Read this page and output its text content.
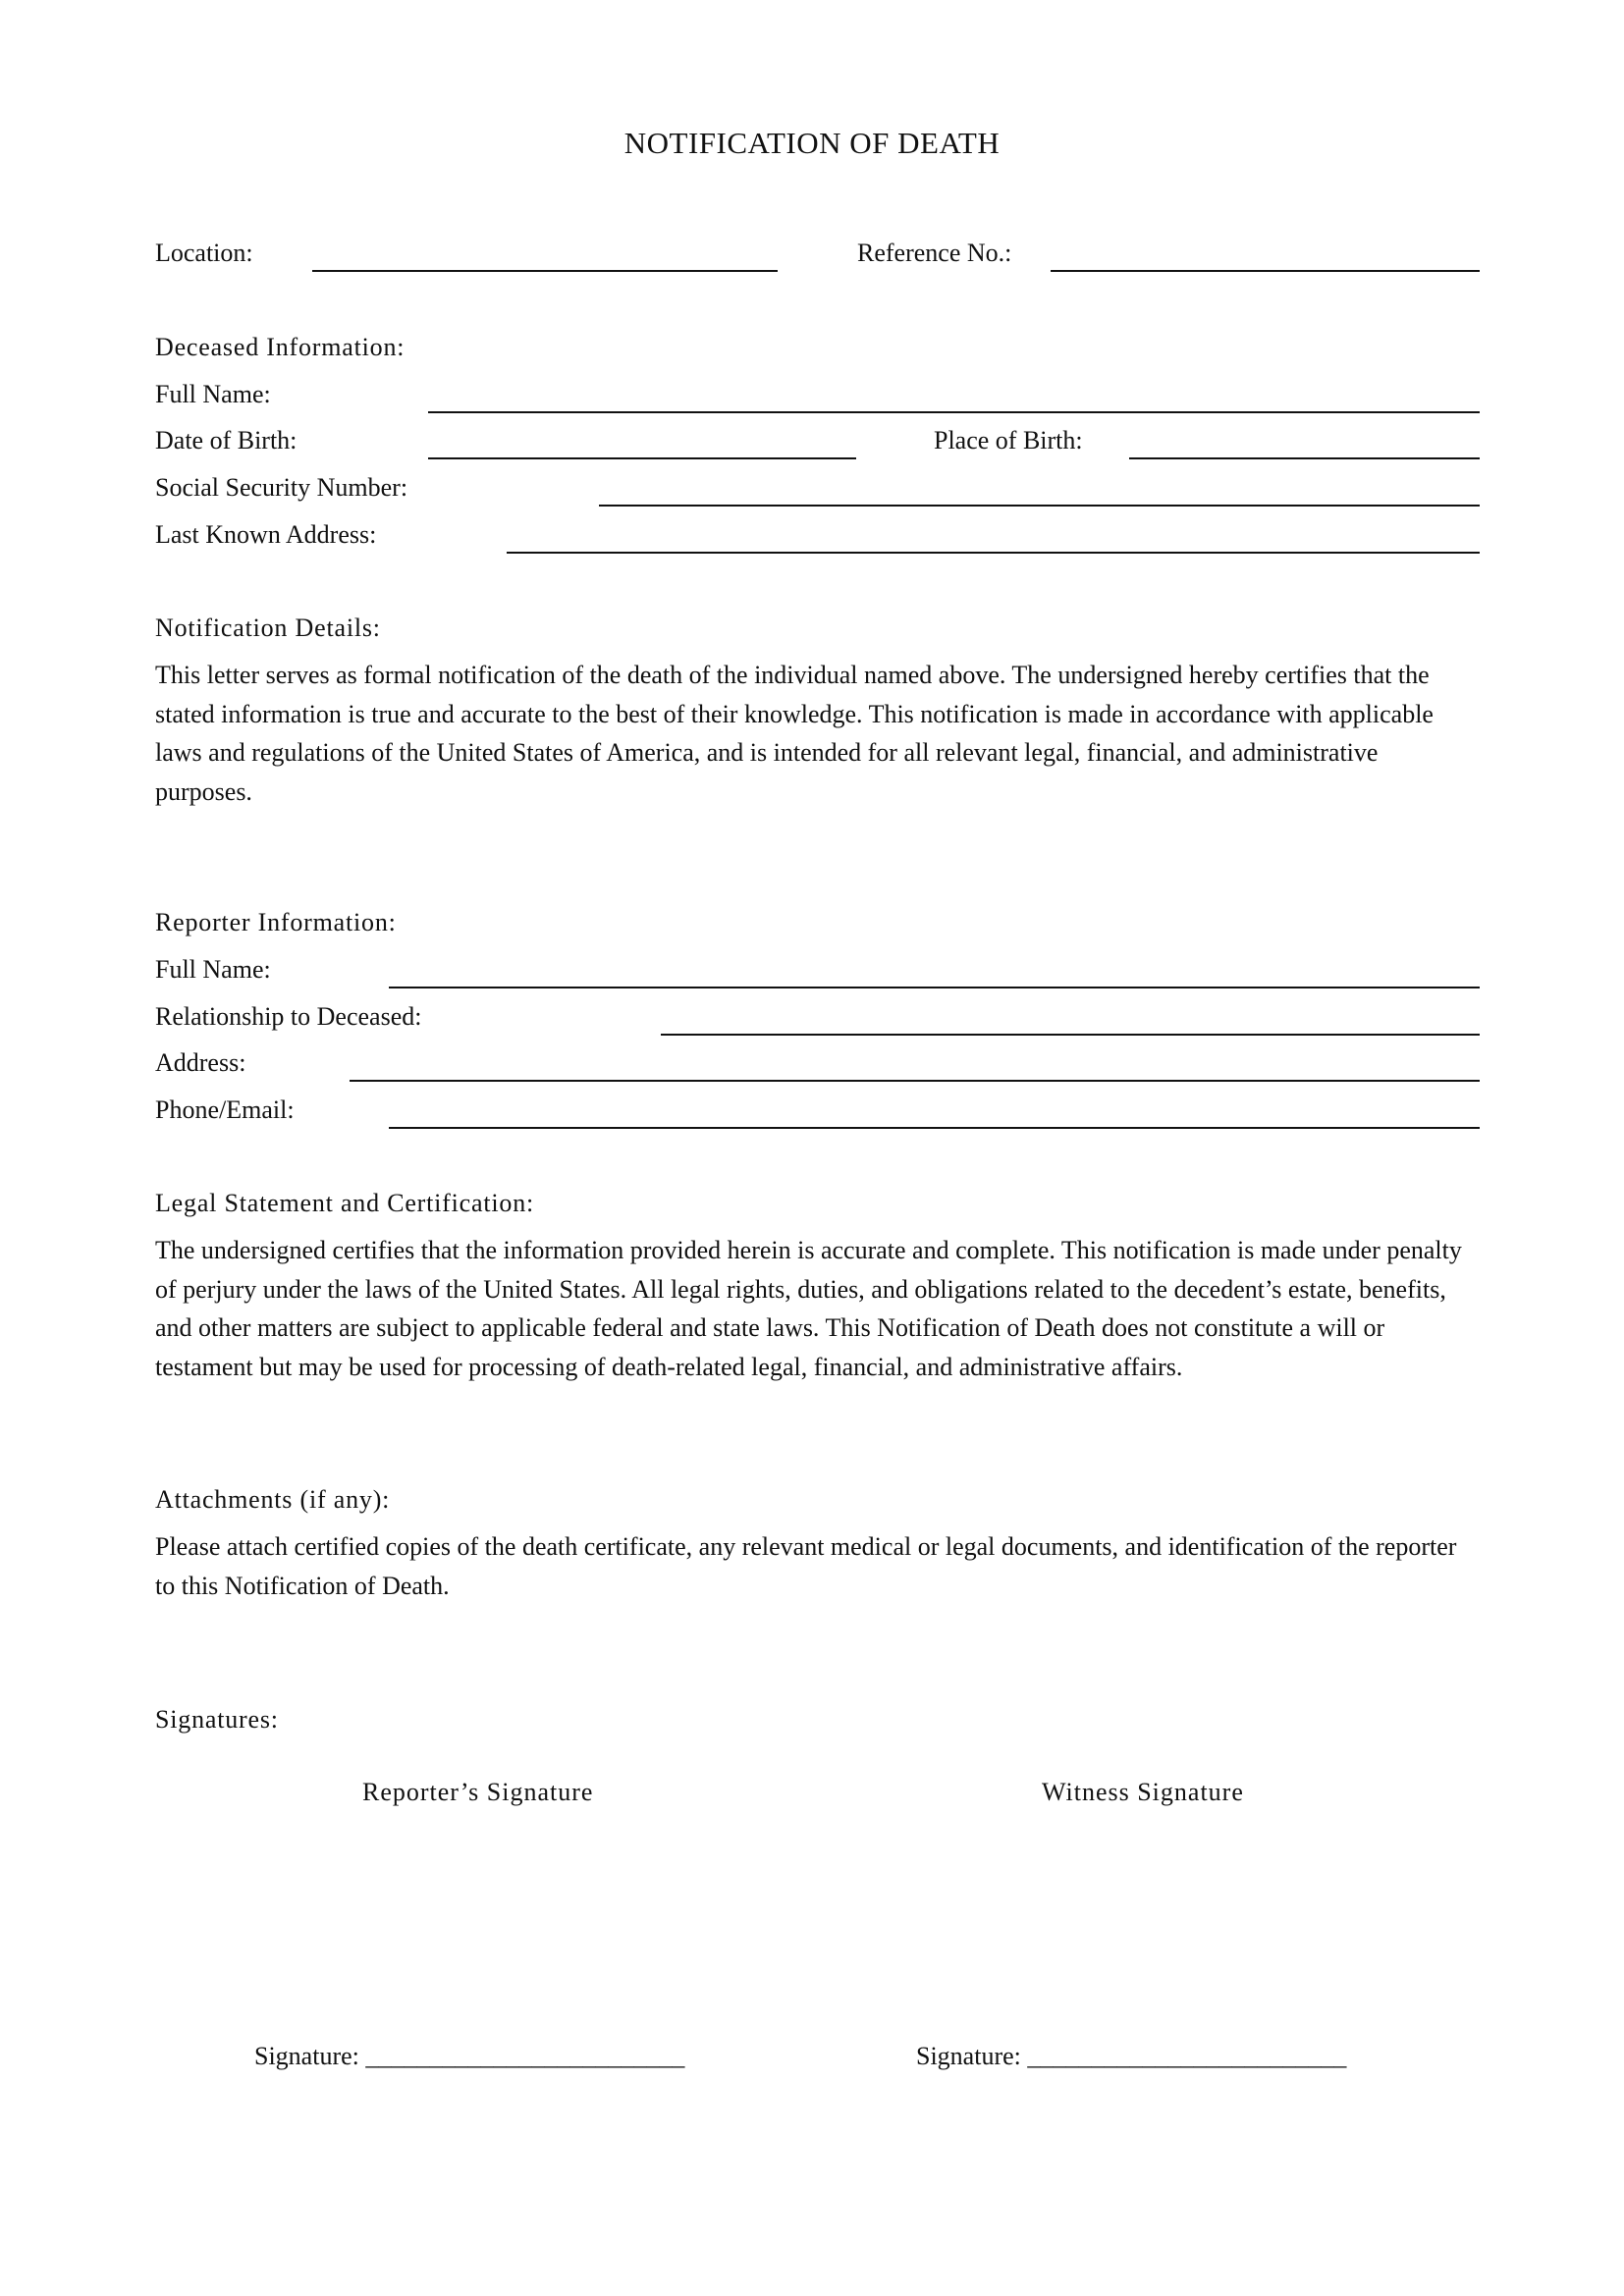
NOTIFICATION OF DEATH

Location:	Reference No.:

Deceased Information:

Full Name:

Date of Birth:	Place of Birth:

Social Security Number:

Last Known Address:

Notification Details:

This letter serves as formal notification of the death of the individual named above. The undersigned hereby certifies that the stated information is true and accurate to the best of their knowledge. This notification is made in accordance with applicable laws and regulations of the United States of America, and is intended for all relevant legal, financial, and administrative purposes.

Reporter Information:

Full Name:

Relationship to Deceased:

Address:

Phone/Email:

Legal Statement and Certification:

The undersigned certifies that the information provided herein is accurate and complete. This notification is made under penalty of perjury under the laws of the United States. All legal rights, duties, and obligations related to the decedent’s estate, benefits, and other matters are subject to applicable federal and state laws. This Notification of Death does not constitute a will or testament but may be used for processing of death-related legal, financial, and administrative affairs.

Attachments (if any):

Please attach certified copies of the death certificate, any relevant medical or legal documents, and identification of the reporter to this Notification of Death.

Signatures:

Reporter’s Signature	Witness Signature

Signature: _________________________	Signature: _________________________
